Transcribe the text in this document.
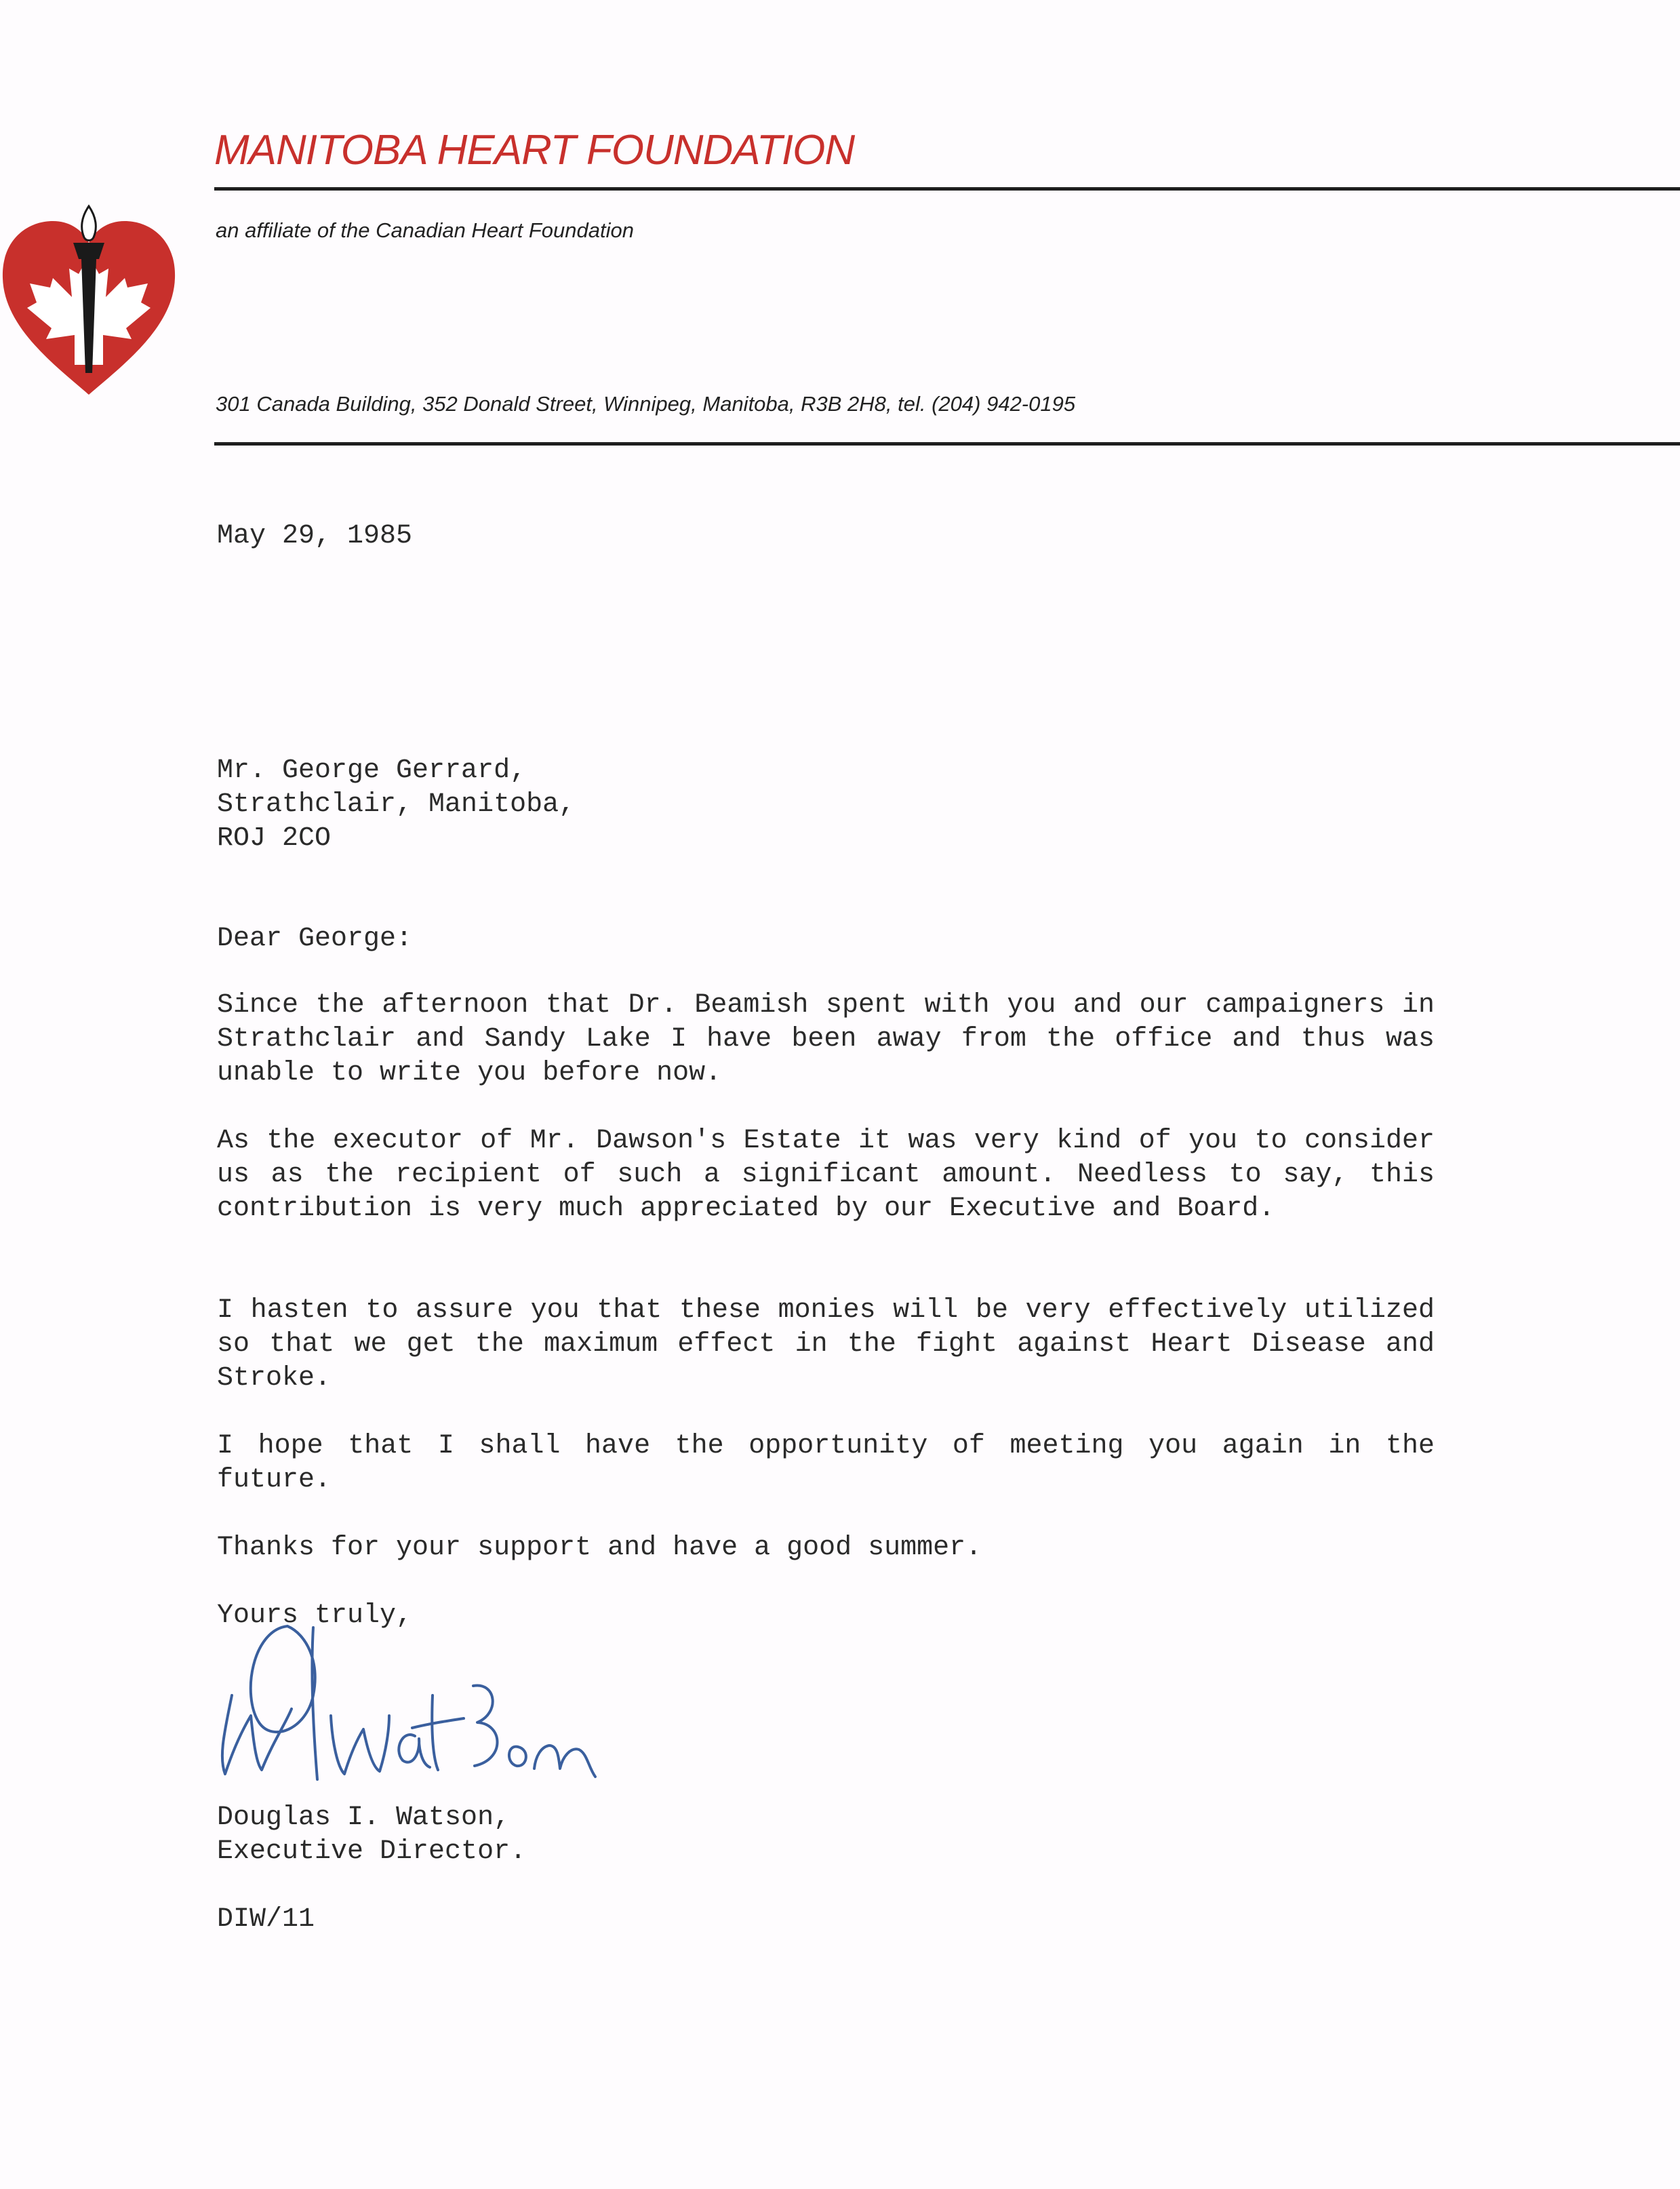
MANITOBA HEART FOUNDATION
an affiliate of the Canadian Heart Foundation
301 Canada Building, 352 Donald Street, Winnipeg, Manitoba, R3B 2H8, tel. (204) 942-0195
May 29, 1985
Mr. George Gerrard,
Strathclair, Manitoba,
ROJ 2CO
Dear George:
Since the afternoon that Dr. Beamish spent with you and our campaigners in Strathclair and Sandy Lake I have been away from the office and thus was unable to write you before now.
As the executor of Mr. Dawson's Estate it was very kind of you to consider us as the recipient of such a significant amount. Needless to say, this contribution is very much appreciated by our Executive and Board.
I hasten to assure you that these monies will be very effectively utilized so that we get the maximum effect in the fight against Heart Disease and Stroke.
I hope that I shall have the opportunity of meeting you again in the future.
Thanks for your support and have a good summer.
Yours truly,
Douglas I. Watson,
Executive Director.
DIW/11
